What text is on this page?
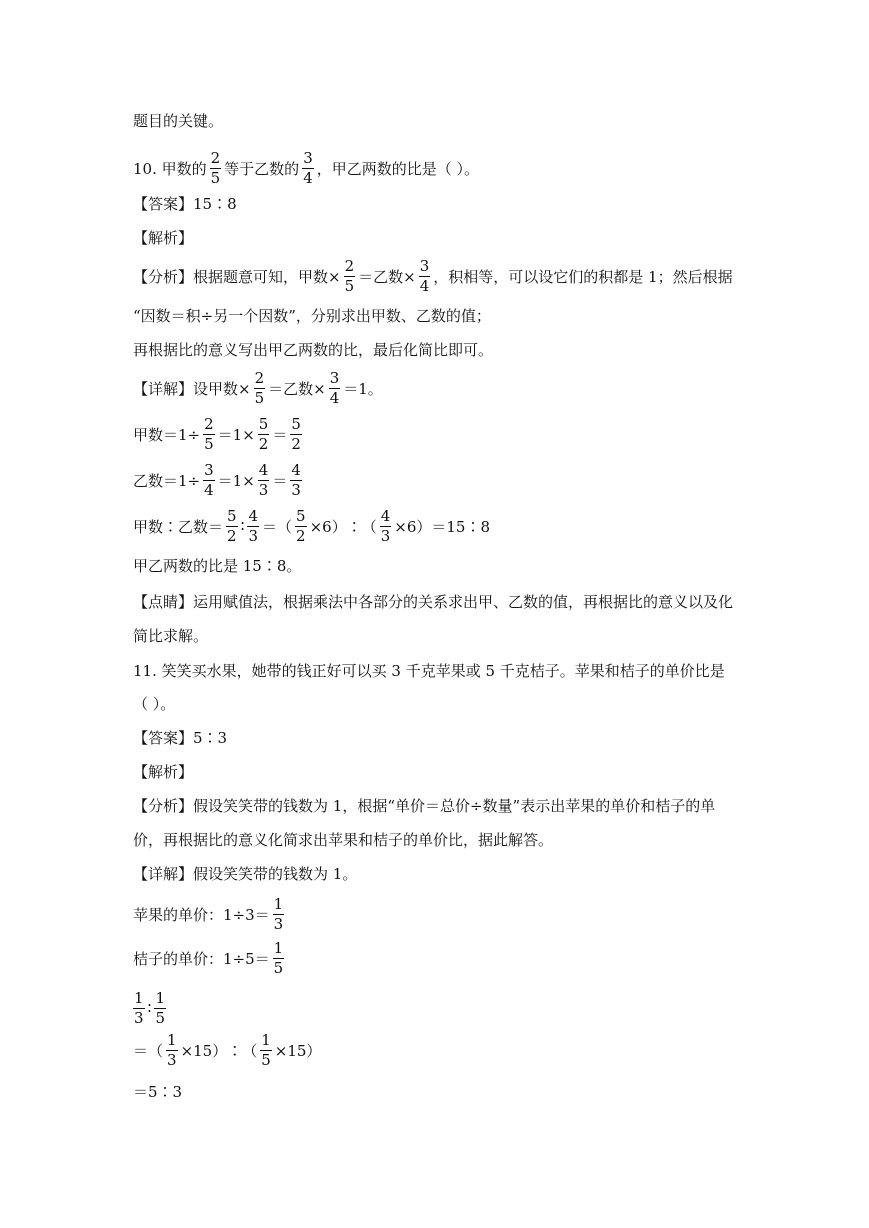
题目的关键。
10. 甲数的 $\frac{2}{5}$ 等于乙数的 $\frac{3}{4}$ ，甲乙两数的比是（ ）。
【答案】15∶8
【解析】
【分析】根据题意可知，甲数× $\frac{2}{5}$ ＝乙数× $\frac{3}{4}$ ，积相等，可以设它们的积都是 1；然后根据
“因数＝积÷另一个因数”，分别求出甲数、乙数的值；
再根据比的意义写出甲乙两数的比，最后化简比即可。
【详解】设甲数× $\frac{2}{5}$ ＝乙数× $\frac{3}{4} =1$。
甲数$=1\div \frac{2}{5} =1\times \frac{5}{2} = \frac{5}{2}$
乙数$=1\div \frac{3}{4} =1\times \frac{4}{3} = \frac{4}{3}$
甲数∶乙数＝ $\frac{5}{2}$ ∶ $\frac{4}{3}$ ＝（ $\frac{5}{2}$ ×6）∶（ $\frac{4}{3}$ ×6）＝15∶8
甲乙两数的比是 15∶8。
【点睛】运用赋值法，根据乘法中各部分的关系求出甲、乙数的值，再根据比的意义以及化
简比求解。
11. 笑笑买水果，她带的钱正好可以买 3 千克苹果或 5 千克桔子。苹果和桔子的单价比是
（ ）。
【答案】5∶3
【解析】
【分析】假设笑笑带的钱数为 1，根据“单价＝总价÷数量”表示出苹果的单价和桔子的单
价，再根据比的意义化简求出苹果和桔子的单价比，据此解答。
【详解】假设笑笑带的钱数为 1。
苹果的单价：$1\div 3= \frac{1}{3}$
桔子的单价：$1\div 5= \frac{1}{5}$
$\frac{1}{3}$ ∶ $\frac{1}{5}$
＝（ $\frac{1}{3}$ ×15）∶（ $\frac{1}{5} \times 15$）
＝5∶3
